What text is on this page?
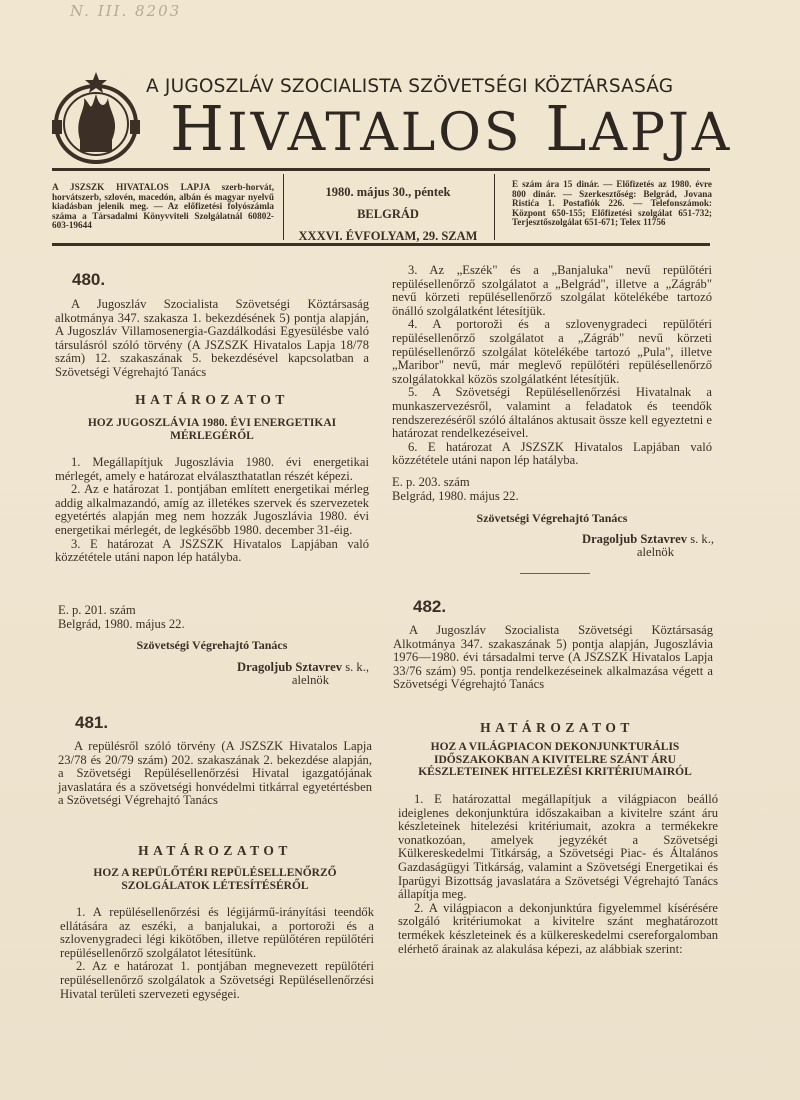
N. III. 8203
A JUGOSZLÁV SZOCIALISTA SZÖVETSÉGI KÖZTÁRSASÁG
HIVATALOS LAPJA
A JSZSZK HIVATALOS LAPJA szerb-horvát, horvátszerb, szlovén, macedón, albán és magyar nyelvű kiadásban jelenik meg. — Az előfizetési folyószámla száma a Társadalmi Könyvviteli Szolgálatnál 60802-603-19644
1980. május 30., péntek
BELGRÁD
XXXVI. ÉVFOLYAM, 29. SZAM
E szám ára 15 dinár. — Előfizetés az 1980. évre 800 dinár. — Szerkesztőség: Belgrád, Jovana Ristića 1. Postafiók 226. — Telefonszámok: Központ 650-155; Előfizetési szolgálat 651-732; Terjesztőszolgálat 651-671; Telex 11756
480.

A Jugoszláv Szocialista Szövetségi Köztársaság alkotmánya 347. szakasza 1. bekezdésének 5) pontja alapján, A Jugoszláv Villamosenergia-Gazdálkodási Egyesülésbe való társulásról szóló törvény (A JSZSZK Hivatalos Lapja 18/78 szám) 12. szakaszának 5. bekezdésével kapcsolatban a Szövetségi Végrehajtó Tanács

HATÁROZATOT
HOZ JUGOSZLÁVIA 1980. ÉVI ENERGETIKAI MÉRLEGÉRŐL

1. Megállapítjuk Jugoszlávia 1980. évi energetikai mérlegét, amely e határozat elválaszthatatlan részét képezi.

2. Az e határozat 1. pontjában említett energetikai mérleg addig alkalmazandó, amíg az illetékes szervek és szervezetek egyetértés alapján meg nem hozzák Jugoszlávia 1980. évi energetikai mérlegét, de legkésőbb 1980. december 31-éig.

3. E határozat A JSZSZK Hivatalos Lapjában való közzététele utáni napon lép hatályba.

E. p. 201. szám
Belgrád, 1980. május 22.
Szövetségi Végrehajtó Tanács
Dragoljub Sztavrev s. k.,
alelnök
481.

A repülésről szóló törvény (A JSZSZK Hivatalos Lapja 23/78 és 20/79 szám) 202. szakaszának 2. bekezdése alapján, a Szövetségi Repülésellenőrzési Hivatal igazgatójának javaslatára és a szövetségi honvédelmi titkárral egyetértésben a Szövetségi Végrehajtó Tanács

HATÁROZATOT
HOZ A REPÜLŐTÉRI REPÜLÉSELLENŐRZŐ SZOLGÁLATOK LÉTESÍTÉSÉRŐL

1. A repülésellenőrzési és légijármű-irányítási teendők ellátására az eszéki, a banjalukai, a portorоži és a szlovenygradeci légi kikötőben, illetve repülőtéren repülőtéri repülésellenőrző szolgálatot létesítünk.

2. Az e határozat 1. pontjában megnevezett repülőtéri repülésellenőrző szolgálatok a Szövetségi Repülésellenőrzési Hivatal területi szervezeti egységei.

3. Az „Eszék" és a „Banjaluka" nevű repülőtéri repülésellenőrző szolgálatot a „Belgrád", illetve a „Zágráb" nevű körzeti repülésellenőrző szolgálat kötelékébe tartozó önálló szolgálatként létesítjük.

4. A portorоži és a szlovenygradeci repülőtéri repülésellenőrző szolgálatot a „Zágráb" nevű körzeti repülésellenőrző szolgálat kötelékébe tartozó „Pula", illetve „Maribor" nevű, már meglevő repülőtéri repülésellenőrző szolgálatokkal közös szolgálatként létesítjük.

5. A Szövetségi Repülésellenőrzési Hivatalnak a munkaszervezésről, valamint a feladatok és teendők rendszerezéséről szóló általános aktusait össze kell egyeztetni e határozat rendelkezéseivel.

6. E határozat A JSZSZK Hivatalos Lapjában való közzététele utáni napon lép hatályba.

E. p. 203. szám
Belgrád, 1980. május 22.
Szövetségi Végrehajtó Tanács
Dragoljub Sztavrev s. k.,
alelnök
482.

A Jugoszláv Szocialista Szövetségi Köztársaság Alkotmánya 347. szakaszának 5) pontja alapján, Jugoszlávia 1976—1980. évi társadalmi terve (A JSZSZK Hivatalos Lapja 33/76 szám) 95. pontja rendelkezéseinek alkalmazása végett a Szövetségi Végrehajtó Tanács

HATÁROZATOT
HOZ A VILÁGPIACON DEKONJUNKTURÁLIS IDŐSZAKOKBAN A KIVITELRE SZÁNT ÁRU KÉSZLETEINEK HITELEZÉSI KRITÉRIUMAIRÓL

1. E határozattal megállapítjuk a világpiacon beálló ideiglenes dekonjunktúra időszakaiban a kivitelre szánt áru készleteinek hitelezési kritériumait, azokra a termékekre vonatkozóan, amelyek jegyzékét a Szövetségi Külkereskedelmi Titkárság, a Szövetségi Piac- és Általános Gazdaságügyi Titkárság, valamint a Szövetségi Energetikai és Iparügyi Bizottság javaslatára a Szövetségi Végrehajtó Tanács állapítja meg.

2. A világpiacon a dekonjunktúra figyelemmel kísérésére szolgáló kritériumokat a kivitelre szánt meghatározott termékek készleteinek és a külkereskedelmi csereforgalomban elérhető árainak az alakulása képezi, az alábbiak szerint:
